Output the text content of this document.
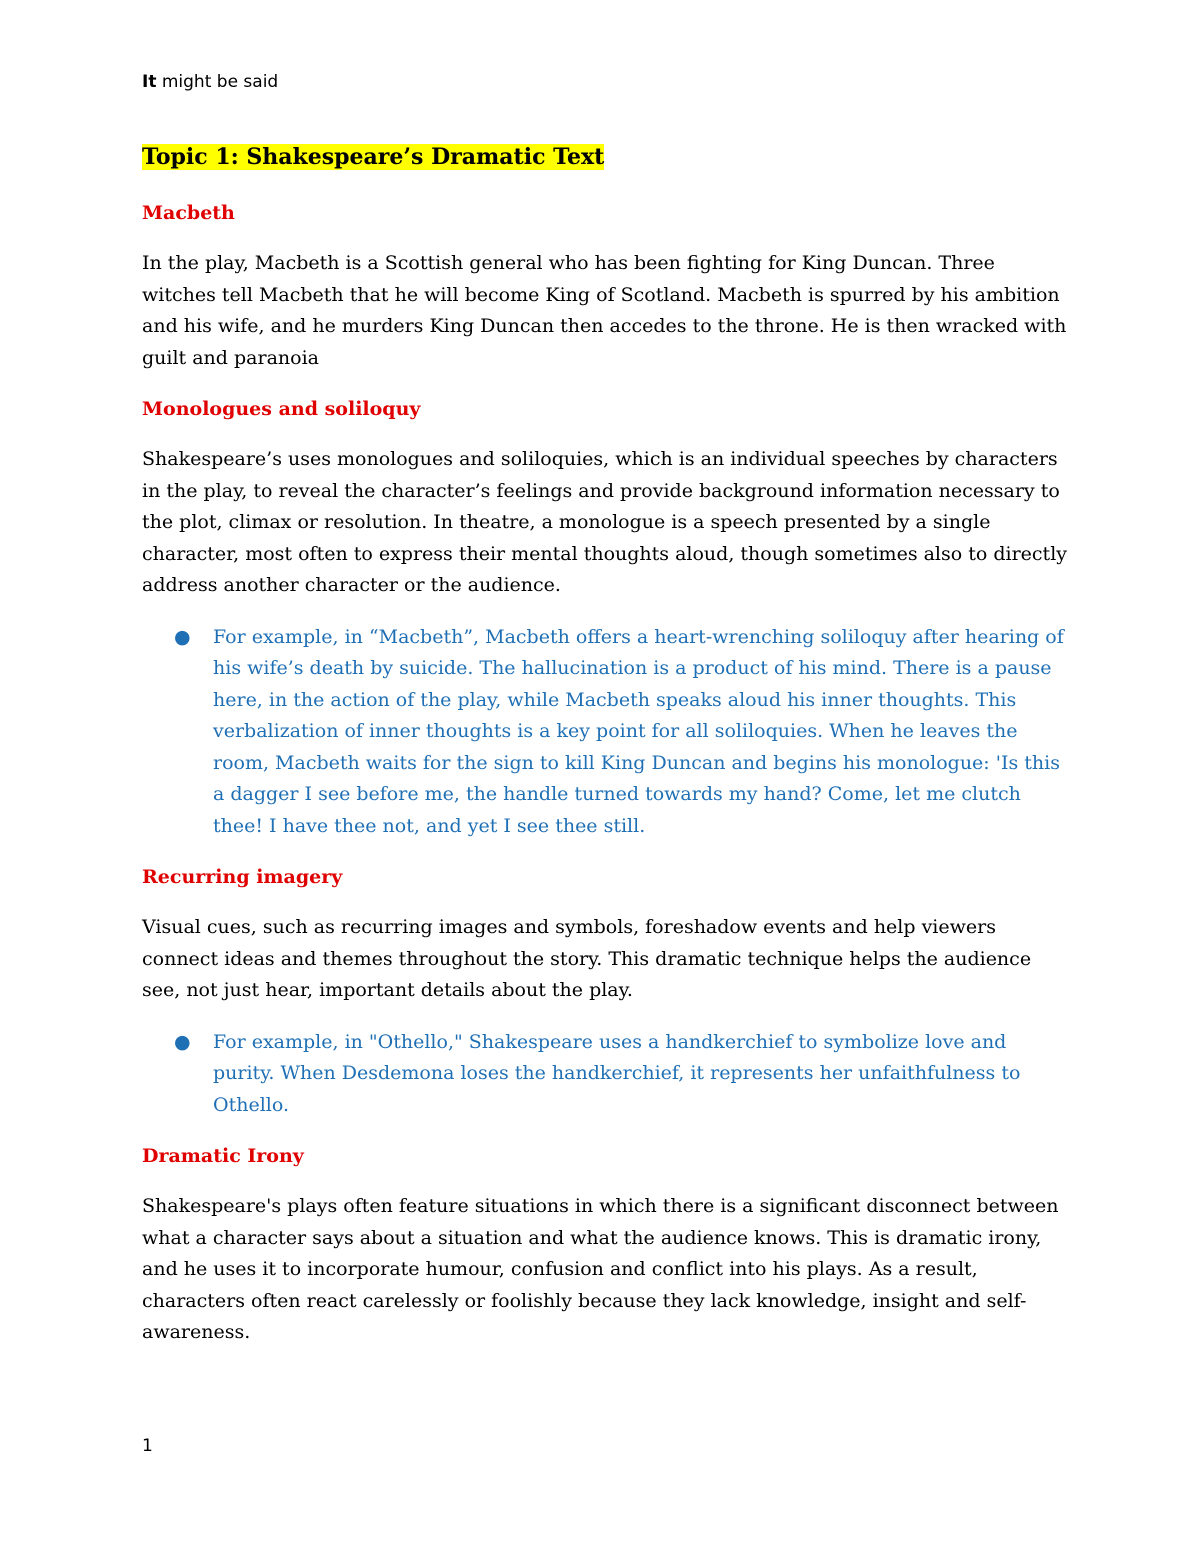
It might be said
Topic 1: Shakespeare’s Dramatic Text
Macbeth

In the play, Macbeth is a Scottish general who has been fighting for King Duncan. Three witches tell Macbeth that he will become King of Scotland. Macbeth is spurred by his ambition and his wife, and he murders King Duncan then accedes to the throne. He is then wracked with guilt and paranoia

Monologues and soliloquy

Shakespeare’s uses monologues and soliloquies, which is an individual speeches by characters in the play, to reveal the character’s feelings and provide background information necessary to the plot, climax or resolution. In theatre, a monologue is a speech presented by a single character, most often to express their mental thoughts aloud, though sometimes also to directly address another character or the audience.

● For example, in “Macbeth”, Macbeth offers a heart-wrenching soliloquy after hearing of his wife’s death by suicide. The hallucination is a product of his mind. There is a pause here, in the action of the play, while Macbeth speaks aloud his inner thoughts. This verbalization of inner thoughts is a key point for all soliloquies. When he leaves the room, Macbeth waits for the sign to kill King Duncan and begins his monologue: 'Is this a dagger I see before me, the handle turned towards my hand? Come, let me clutch thee! I have thee not, and yet I see thee still.
Recurring imagery

Visual cues, such as recurring images and symbols, foreshadow events and help viewers connect ideas and themes throughout the story. This dramatic technique helps the audience see, not just hear, important details about the play.

● For example, in "Othello," Shakespeare uses a handkerchief to symbolize love and purity. When Desdemona loses the handkerchief, it represents her unfaithfulness to Othello.
Dramatic Irony

Shakespeare's plays often feature situations in which there is a significant disconnect between what a character says about a situation and what the audience knows. This is dramatic irony, and he uses it to incorporate humour, confusion and conflict into his plays. As a result, characters often react carelessly or foolishly because they lack knowledge, insight and self-awareness.

1
